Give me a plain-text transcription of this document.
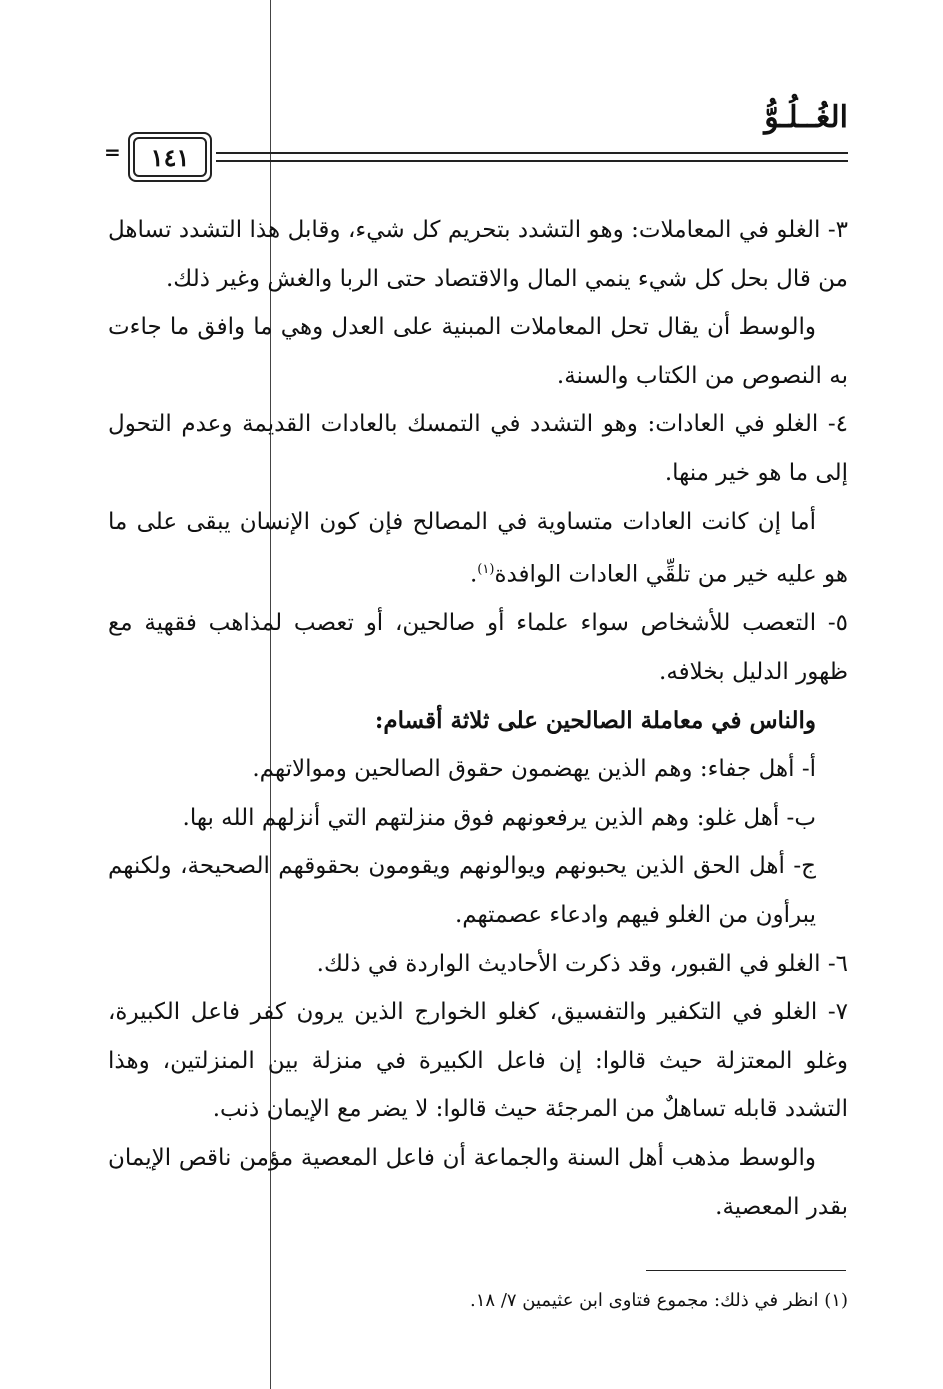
الغُــلُـوُّ
١٤١
=

٣- الغلو في المعاملات: وهو التشدد بتحريم كل شيء، وقابل هذا التشدد تساهل من قال بحل كل شيء ينمي المال والاقتصاد حتى الربا والغش وغير ذلك.

والوسط أن يقال تحل المعاملات المبنية على العدل وهي ما وافق ما جاءت به النصوص من الكتاب والسنة.

٤- الغلو في العادات: وهو التشدد في التمسك بالعادات القديمة وعدم التحول إلى ما هو خير منها.

أما إن كانت العادات متساوية في المصالح فإن كون الإنسان يبقى على ما هو عليه خير من تلقِّي العادات الوافدة$^{(١)}$.

٥- التعصب للأشخاص سواء علماء أو صالحين، أو تعصب لمذاهب فقهية مع ظهور الدليل بخلافه.

والناس في معاملة الصالحين على ثلاثة أقسام:

أ- أهل جفاء: وهم الذين يهضمون حقوق الصالحين وموالاتهم.

ب- أهل غلو: وهم الذين يرفعونهم فوق منزلتهم التي أنزلهم الله بها.

ج- أهل الحق الذين يحبونهم ويوالونهم ويقومون بحقوقهم الصحيحة، ولكنهم يبرأون من الغلو فيهم وادعاء عصمتهم.

٦- الغلو في القبور، وقد ذكرت الأحاديث الواردة في ذلك.

٧- الغلو في التكفير والتفسيق، كغلو الخوارج الذين يرون كفر فاعل الكبيرة، وغلو المعتزلة حيث قالوا: إن فاعل الكبيرة في منزلة بين المنزلتين، وهذا التشدد قابله تساهلٌ من المرجئة حيث قالوا: لا يضر مع الإيمان ذنب.

والوسط مذهب أهل السنة والجماعة أن فاعل المعصية مؤمن ناقص الإيمان بقدر المعصية.

(١) انظر في ذلك: مجموع فتاوى ابن عثيمين ٧/ ١٨.
